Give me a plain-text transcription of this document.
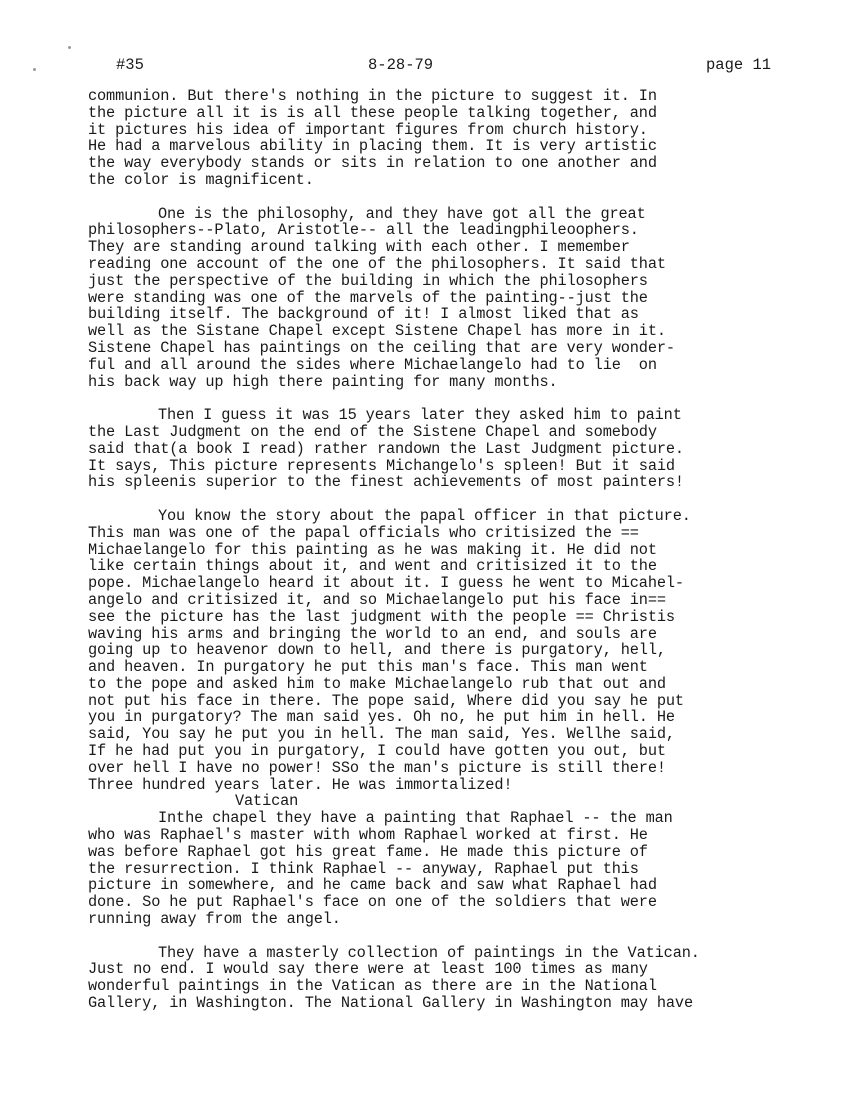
#35	8-28-79	page 11
communion. But there's nothing in the picture to suggest it. In
the picture all it is is all these people talking together, and
it pictures his idea of important figures from church history.
He had a marvelous ability in placing them. It is very artistic
the way everybody stands or sits in relation to one another and
the color is magnificent.
One is the philosophy, and they have got all the great
philosophers--Plato, Aristotle-- all the leadingphileoophers.
They are standing around talking with each other. I memember
reading one account of the one of the philosophers. It said that
just the perspective of the building in which the philosophers
were standing was one of the marvels of the painting--just the
building itself. The background of it! I almost liked that as
well as the Sistane Chapel except Sistene Chapel has more in it.
Sistene Chapel has paintings on the ceiling that are very wonder-
ful and all around the sides where Michaelangelo had to lie  on
his back way up high there painting for many months.
Then I guess it was 15 years later they asked him to paint
the Last Judgment on the end of the Sistene Chapel and somebody
said that(a book I read) rather randown the Last Judgment picture.
It says, This picture represents Michangelo's spleen! But it said
his spleenis superior to the finest achievements of most painters!
You know the story about the papal officer in that picture.
This man was one of the papal officials who critisized the ==
Michaelangelo for this painting as he was making it. He did not
like certain things about it, and went and critisized it to the
pope. Michaelangelo heard it about it. I guess he went to Micahel-
angelo and critisized it, and so Michaelangelo put his face in==
see the picture has the last judgment with the people == Christis
waving his arms and bringing the world to an end, and souls are
going up to heavenor down to hell, and there is purgatory, hell,
and heaven. In purgatory he put this man's face. This man went
to the pope and asked him to make Michaelangelo rub that out and
not put his face in there. The pope said, Where did you say he put
you in purgatory? The man said yes. Oh no, he put him in hell. He
said, You say he put you in hell. The man said, Yes. Wellhe said,
If he had put you in purgatory, I could have gotten you out, but
over hell I have no power! SSo the man's picture is still there!
Three hundred years later. He was immortalized!
Vatican
Inthe chapel they have a painting that Raphael -- the man
who was Raphael's master with whom Raphael worked at first. He
was before Raphael got his great fame. He made this picture of
the resurrection. I think Raphael -- anyway, Raphael put this
picture in somewhere, and he came back and saw what Raphael had
done. So he put Raphael's face on one of the soldiers that were
running away from the angel.
They have a masterly collection of paintings in the Vatican.
Just no end. I would say there were at least 100 times as many
wonderful paintings in the Vatican as there are in the National
Gallery, in Washington. The National Gallery in Washington may have
